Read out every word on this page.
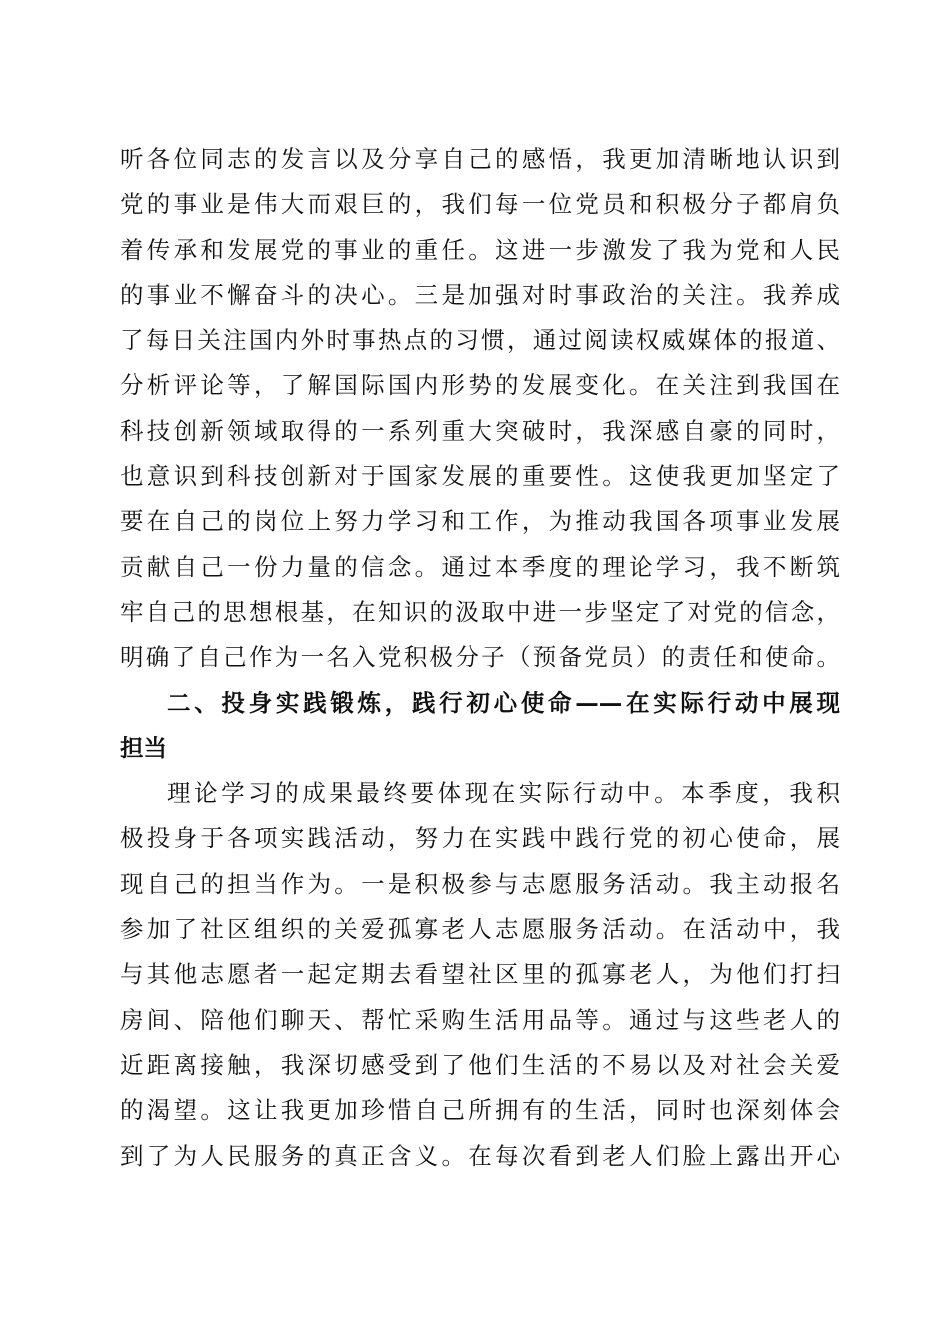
听各位同志的发言以及分享自己的感悟，我更加清晰地认识到
党的事业是伟大而艰巨的，我们每一位党员和积极分子都肩负
着传承和发展党的事业的重任。这进一步激发了我为党和人民
的事业不懈奋斗的决心。三是加强对时事政治的关注。我养成
了每日关注国内外时事热点的习惯，通过阅读权威媒体的报道、
分析评论等，了解国际国内形势的发展变化。在关注到我国在
科技创新领域取得的一系列重大突破时，我深感自豪的同时，
也意识到科技创新对于国家发展的重要性。这使我更加坚定了
要在自己的岗位上努力学习和工作，为推动我国各项事业发展
贡献自己一份力量的信念。通过本季度的理论学习，我不断筑
牢自己的思想根基，在知识的汲取中进一步坚定了对党的信念，
明确了自己作为一名入党积极分子（预备党员）的责任和使命。
二、投身实践锻炼，践行初心使命——在实际行动中展现
担当
理论学习的成果最终要体现在实际行动中。本季度，我积
极投身于各项实践活动，努力在实践中践行党的初心使命，展
现自己的担当作为。一是积极参与志愿服务活动。我主动报名
参加了社区组织的关爱孤寡老人志愿服务活动。在活动中，我
与其他志愿者一起定期去看望社区里的孤寡老人，为他们打扫
房间、陪他们聊天、帮忙采购生活用品等。通过与这些老人的
近距离接触，我深切感受到了他们生活的不易以及对社会关爱
的渴望。这让我更加珍惜自己所拥有的生活，同时也深刻体会
到了为人民服务的真正含义。在每次看到老人们脸上露出开心
